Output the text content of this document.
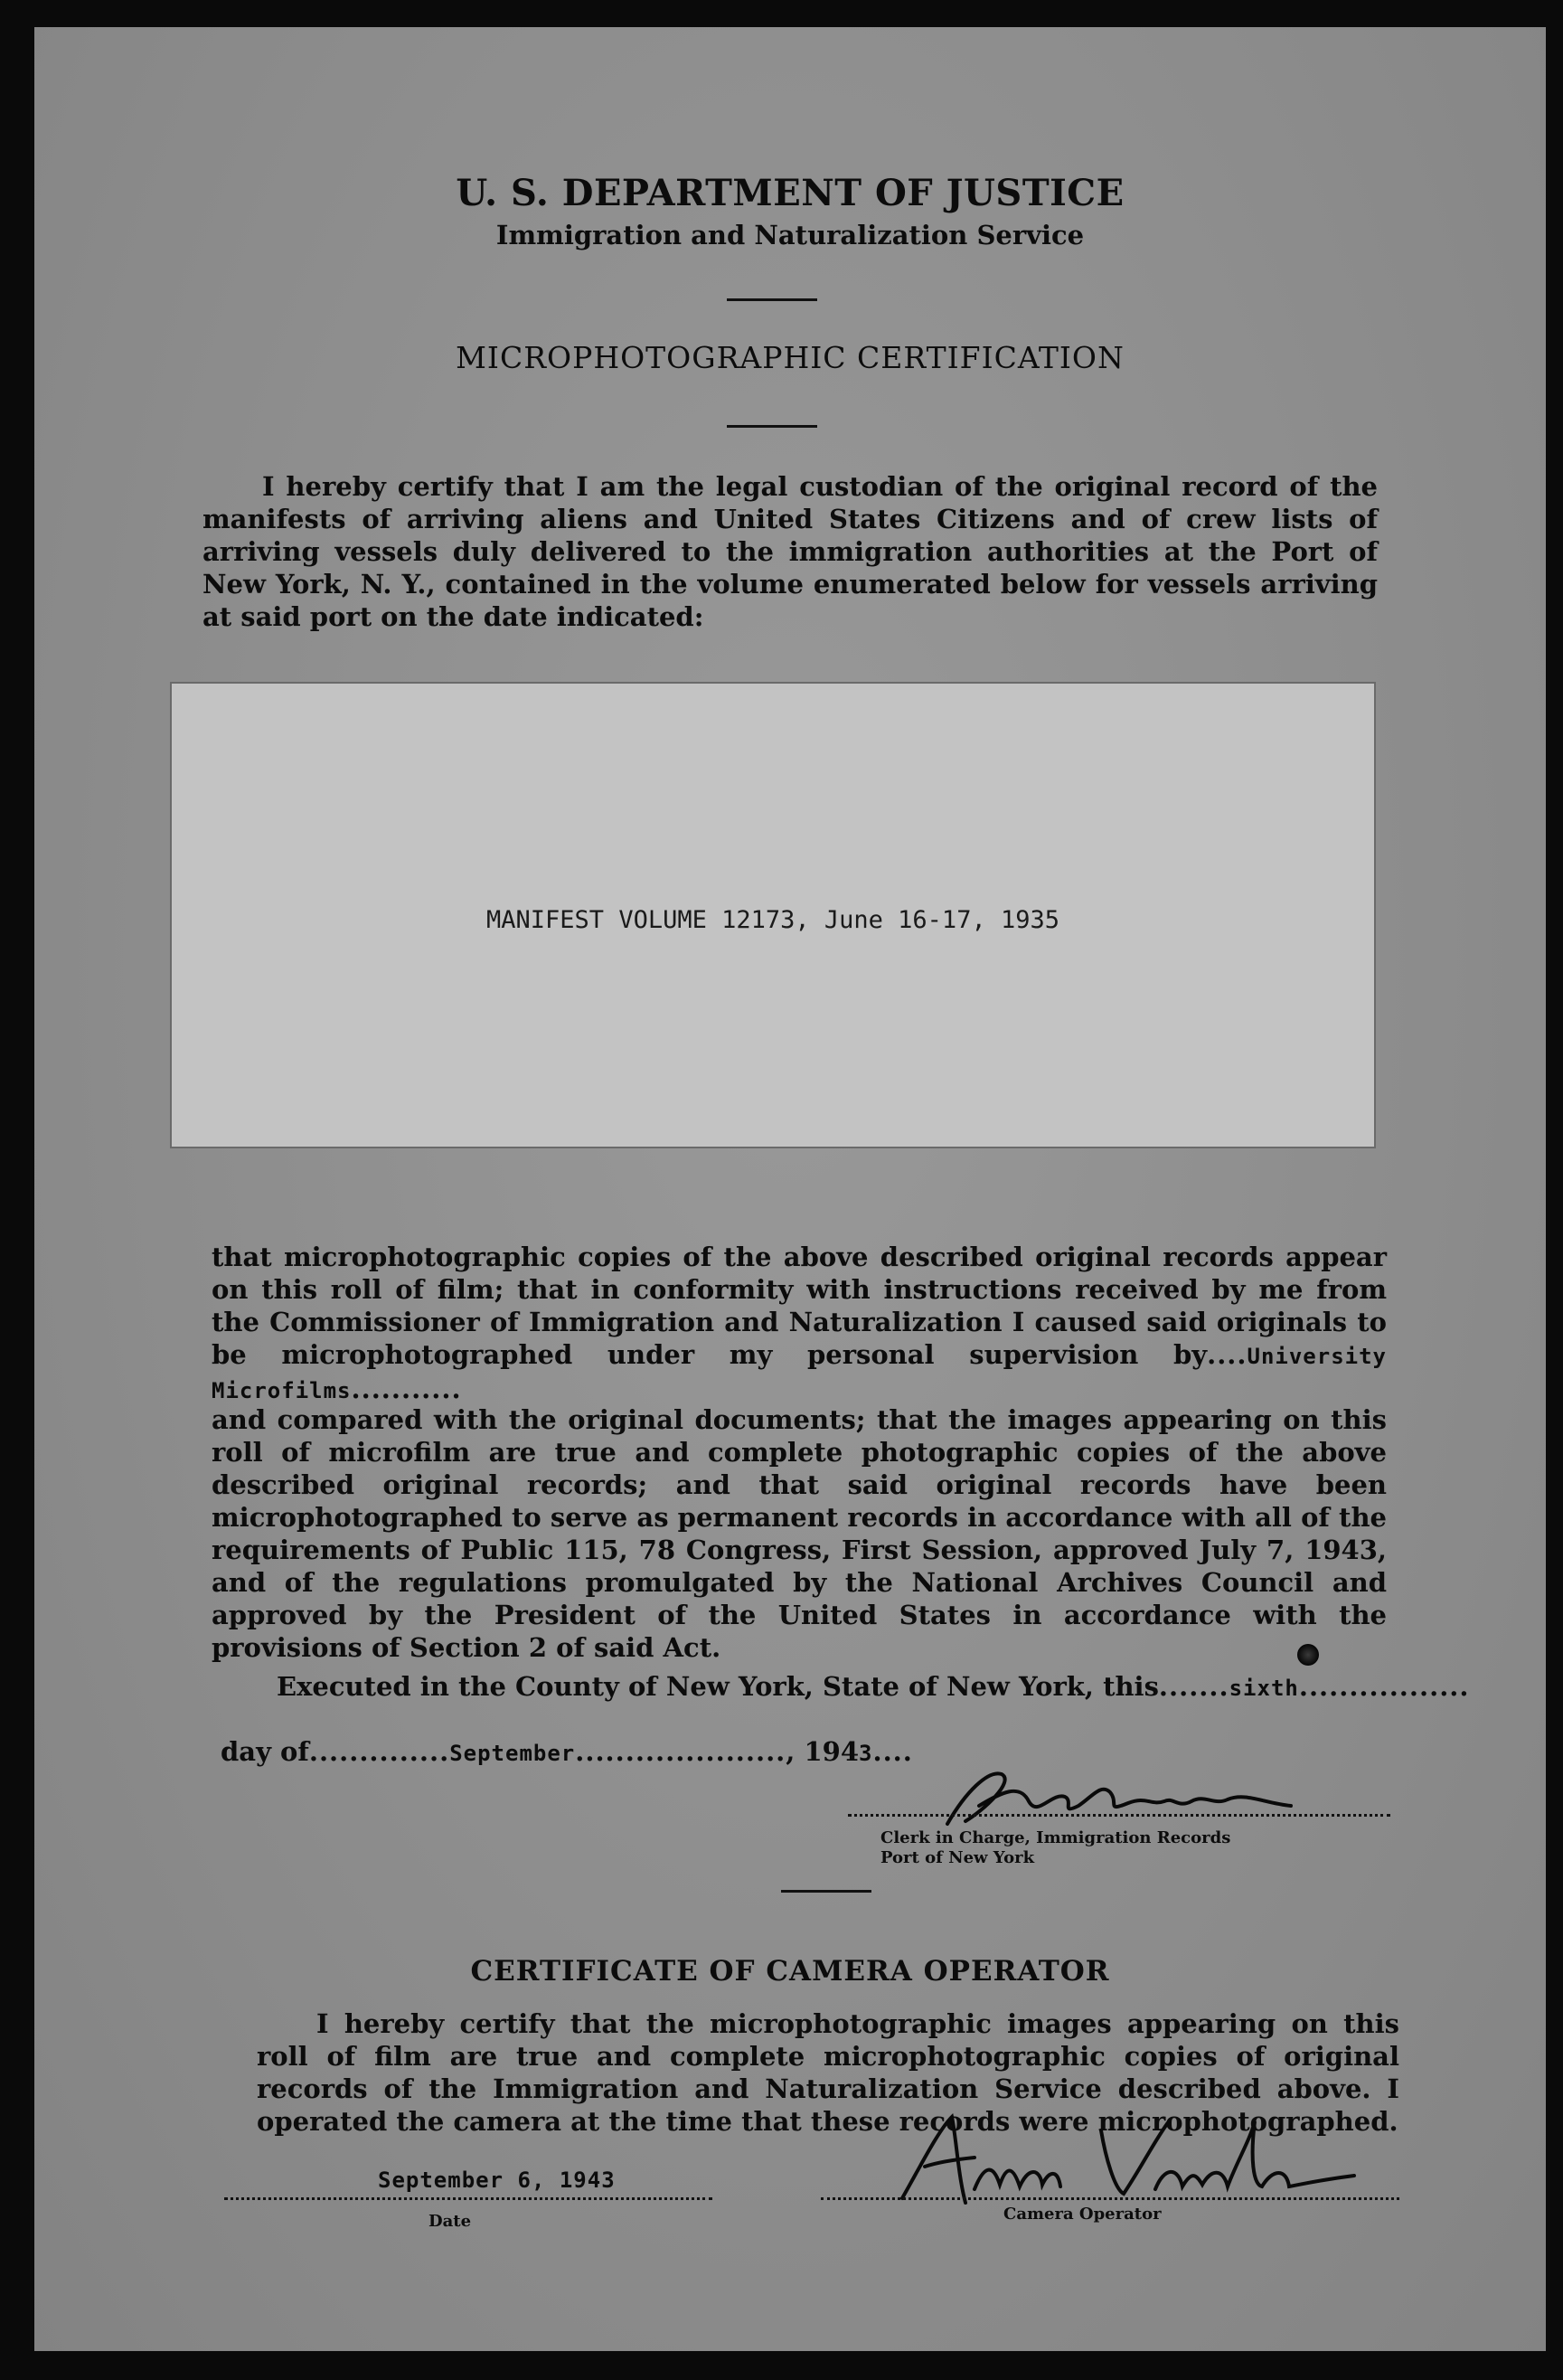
U. S. DEPARTMENT OF JUSTICE
Immigration and Naturalization Service
MICROPHOTOGRAPHIC CERTIFICATION
I hereby certify that I am the legal custodian of the original record of the manifests of arriving aliens and United States Citizens and of crew lists of arriving vessels duly delivered to the immigration authorities at the Port of New York, N. Y., contained in the volume enumerated below for vessels arriving at said port on the date indicated:
MANIFEST VOLUME 12173, June 16-17, 1935
that microphotographic copies of the above described original records appear on this roll of film; that in conformity with instructions received by me from the Commissioner of Immigration and Naturalization I caused said originals to be microphotographed under my personal supervision by....University Microfilms...........
and compared with the original documents; that the images appearing on this roll of microfilm are true and complete photographic copies of the above described original records; and that said original records have been microphotographed to serve as permanent records in accordance with all of the requirements of Public 115, 78 Congress, First Session, approved July 7, 1943, and of the regulations promulgated by the National Archives Council and approved by the President of the United States in accordance with the provisions of Section 2 of said Act.
Executed in the County of New York, State of New York, this.......sixth.................
day of..............September....................., 1943....
Clerk in Charge, Immigration Records
Port of New York
CERTIFICATE OF CAMERA OPERATOR
I hereby certify that the microphotographic images appearing on this roll of film are true and complete microphotographic copies of original records of the Immigration and Naturalization Service described above. I operated the camera at the time that these records were microphotographed.
September 6, 1943
Date	Camera Operator
